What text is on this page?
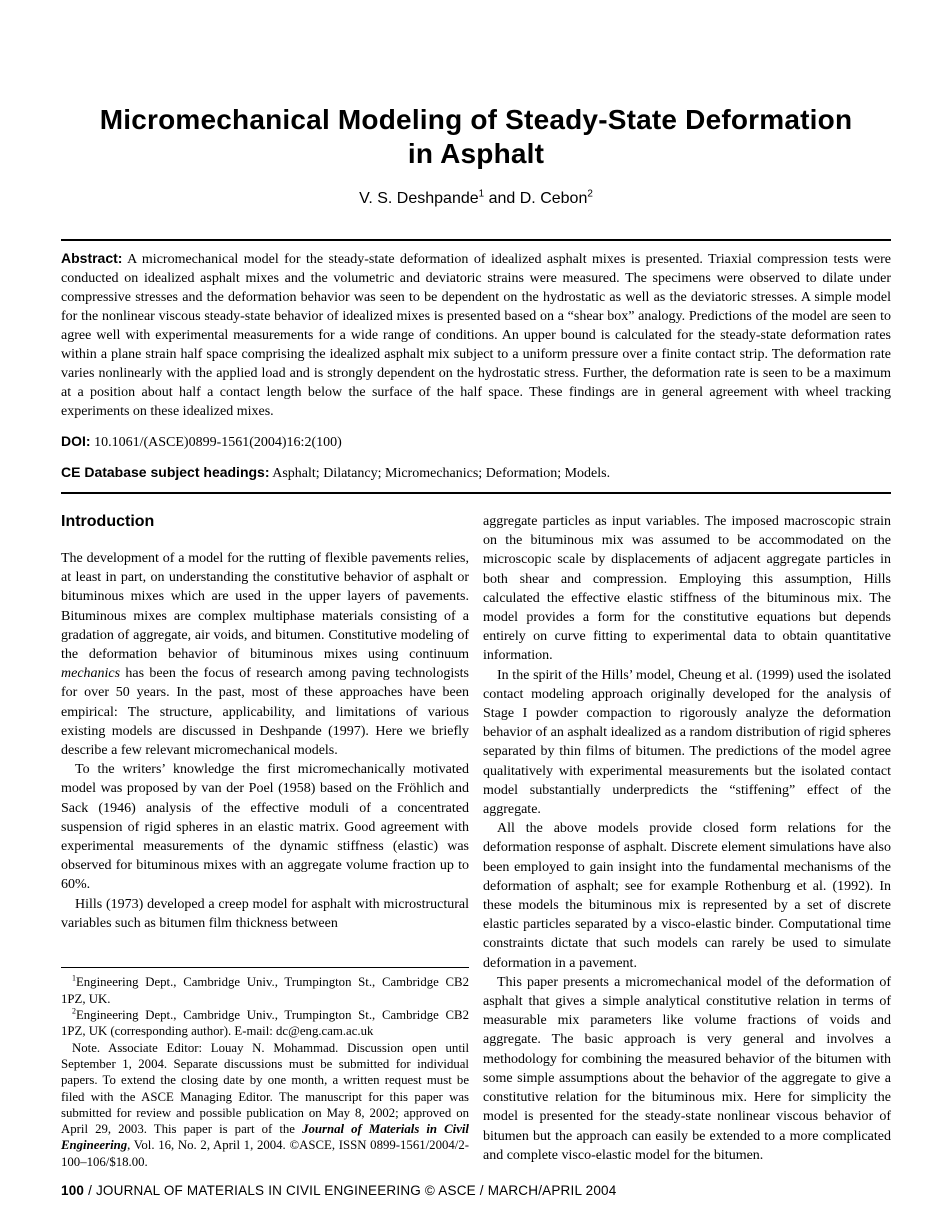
Micromechanical Modeling of Steady-State Deformation
in Asphalt
V. S. Deshpande$^1$ and D. Cebon$^2$

Abstract: A micromechanical model for the steady-state deformation of idealized asphalt mixes is presented. Triaxial compression tests were conducted on idealized asphalt mixes and the volumetric and deviatoric strains were measured. The specimens were observed to dilate under compressive stresses and the deformation behavior was seen to be dependent on the hydrostatic as well as the deviatoric stresses. A simple model for the nonlinear viscous steady-state behavior of idealized mixes is presented based on a “shear box” analogy. Predictions of the model are seen to agree well with experimental measurements for a wide range of conditions. An upper bound is calculated for the steady-state deformation rates within a plane strain half space comprising the idealized asphalt mix subject to a uniform pressure over a finite contact strip. The deformation rate varies nonlinearly with the applied load and is strongly dependent on the hydrostatic stress. Further, the deformation rate is seen to be a maximum at a position about half a contact length below the surface of the half space. These findings are in general agreement with wheel tracking experiments on these idealized mixes.

DOI: 10.1061/(ASCE)0899-1561(2004)16:2(100)

CE Database subject headings: Asphalt; Dilatancy; Micromechanics; Deformation; Models.

Introduction

The development of a model for the rutting of flexible pavements relies, at least in part, on understanding the constitutive behavior of asphalt or bituminous mixes which are used in the upper layers of pavements. Bituminous mixes are complex multiphase materials consisting of a gradation of aggregate, air voids, and bitumen. Constitutive modeling of the deformation behavior of bituminous mixes using continuum mechanics has been the focus of research among paving technologists for over 50 years. In the past, most of these approaches have been empirical: The structure, applicability, and limitations of various existing models are discussed in Deshpande (1997). Here we briefly describe a few relevant micromechanical models.

To the writers’ knowledge the first micromechanically motivated model was proposed by van der Poel (1958) based on the Fröhlich and Sack (1946) analysis of the effective moduli of a concentrated suspension of rigid spheres in an elastic matrix. Good agreement with experimental measurements of the dynamic stiffness (elastic) was observed for bituminous mixes with an aggregate volume fraction up to 60%.

Hills (1973) developed a creep model for asphalt with microstructural variables such as bitumen film thickness between

$^1$Engineering Dept., Cambridge Univ., Trumpington St., Cambridge CB2 1PZ, UK.

$^2$Engineering Dept., Cambridge Univ., Trumpington St., Cambridge CB2 1PZ, UK (corresponding author). E-mail: dc@eng.cam.ac.uk

Note. Associate Editor: Louay N. Mohammad. Discussion open until September 1, 2004. Separate discussions must be submitted for individual papers. To extend the closing date by one month, a written request must be filed with the ASCE Managing Editor. The manuscript for this paper was submitted for review and possible publication on May 8, 2002; approved on April 29, 2003. This paper is part of the Journal of Materials in Civil Engineering, Vol. 16, No. 2, April 1, 2004. ©ASCE, ISSN 0899-1561/2004/2-100–106/$18.00.

aggregate particles as input variables. The imposed macroscopic strain on the bituminous mix was assumed to be accommodated on the microscopic scale by displacements of adjacent aggregate particles in both shear and compression. Employing this assumption, Hills calculated the effective elastic stiffness of the bituminous mix. The model provides a form for the constitutive equations but depends entirely on curve fitting to experimental data to obtain quantitative information.

In the spirit of the Hills’ model, Cheung et al. (1999) used the isolated contact modeling approach originally developed for the analysis of Stage I powder compaction to rigorously analyze the deformation behavior of an asphalt idealized as a random distribution of rigid spheres separated by thin films of bitumen. The predictions of the model agree qualitatively with experimental measurements but the isolated contact model substantially underpredicts the “stiffening” effect of the aggregate.

All the above models provide closed form relations for the deformation response of asphalt. Discrete element simulations have also been employed to gain insight into the fundamental mechanisms of the deformation of asphalt; see for example Rothenburg et al. (1992). In these models the bituminous mix is represented by a set of discrete elastic particles separated by a visco-elastic binder. Computational time constraints dictate that such models can rarely be used to simulate deformation in a pavement.

This paper presents a micromechanical model of the deformation of asphalt that gives a simple analytical constitutive relation in terms of measurable mix parameters like volume fractions of voids and aggregate. The basic approach is very general and involves a methodology for combining the measured behavior of the bitumen with some simple assumptions about the behavior of the aggregate to give a constitutive relation for the bituminous mix. Here for simplicity the model is presented for the steady-state nonlinear viscous behavior of bitumen but the approach can easily be extended to a more complicated and complete visco-elastic model for the bitumen.

100 / JOURNAL OF MATERIALS IN CIVIL ENGINEERING © ASCE / MARCH/APRIL 2004
